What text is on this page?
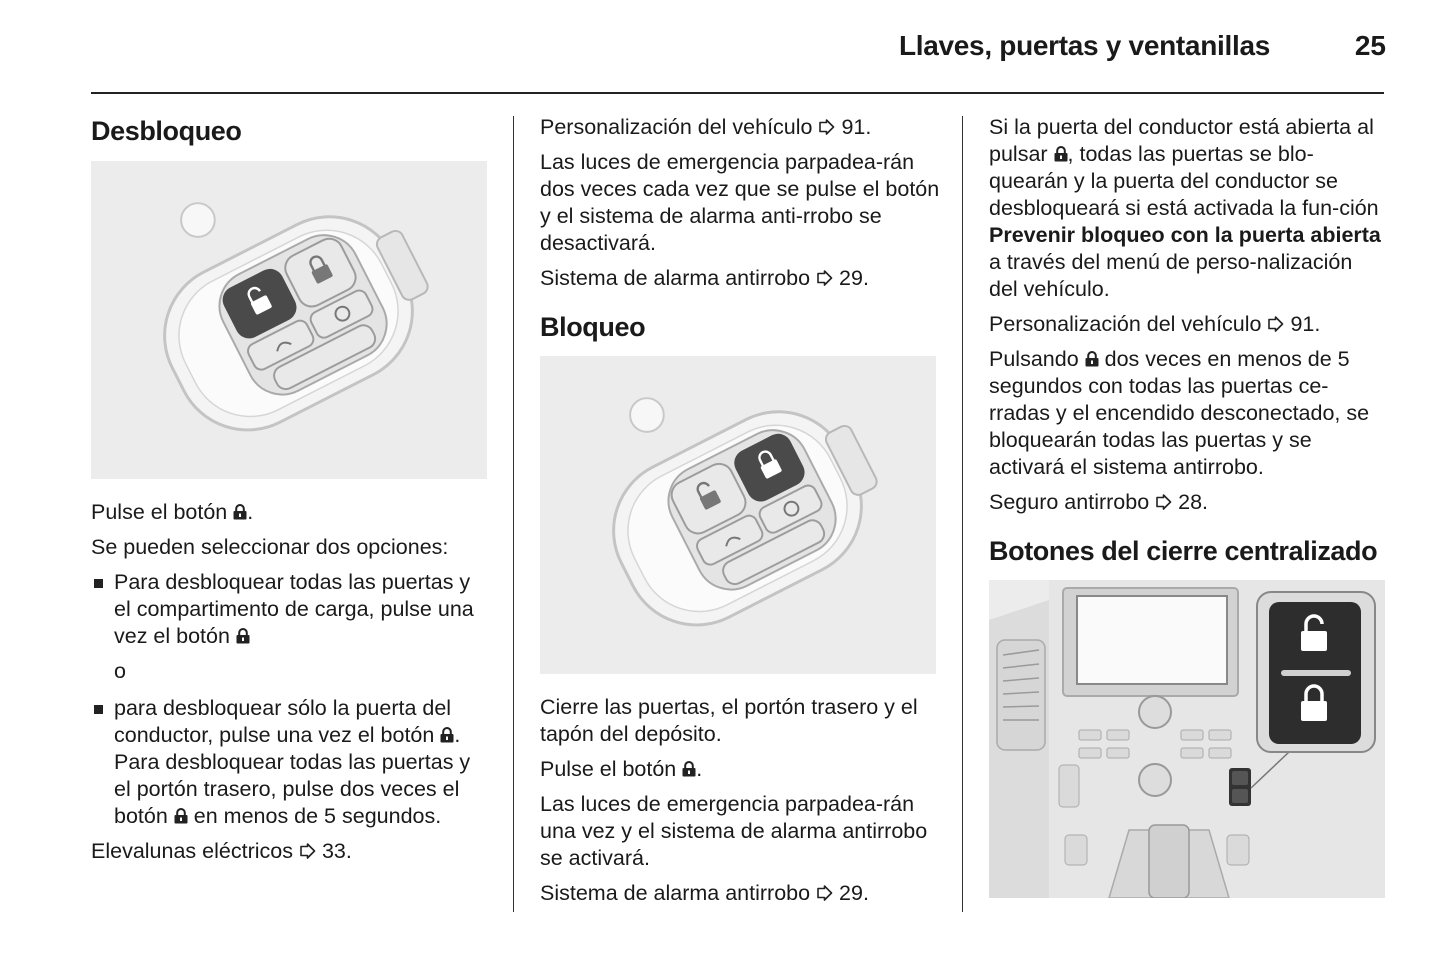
Llaves, puertas y ventanillas	25
Desbloqueo

Pulse el botón .

Se pueden seleccionar dos opciones:

Para desbloquear todas las puertas y el compartimento de carga, pulse una vez el botón

o

para desbloquear sólo la puerta del conductor, pulse una vez el botón . Para desbloquear todas las puertas y el portón trasero, pulse dos veces el botón en menos de 5 segundos.

Elevalunas eléctricos 33.

Personalización del vehículo 91.

Las luces de emergencia parpadea-rán dos veces cada vez que se pulse el botón y el sistema de alarma anti-rrobo se desactivará.

Sistema de alarma antirrobo 29.

Bloqueo

Cierre las puertas, el portón trasero y el tapón del depósito.

Pulse el botón .

Las luces de emergencia parpadea-rán una vez y el sistema de alarma antirrobo se activará.

Sistema de alarma antirrobo 29.

Si la puerta del conductor está abierta al pulsar , todas las puertas se blo-quearán y la puerta del conductor se desbloqueará si está activada la fun-ción Prevenir bloqueo con la puerta abierta a través del menú de perso-nalización del vehículo.

Personalización del vehículo 91.

Pulsando dos veces en menos de 5 segundos con todas las puertas ce-rradas y el encendido desconectado, se bloquearán todas las puertas y se activará el sistema antirrobo.

Seguro antirrobo 28.

Botones del cierre centralizado
